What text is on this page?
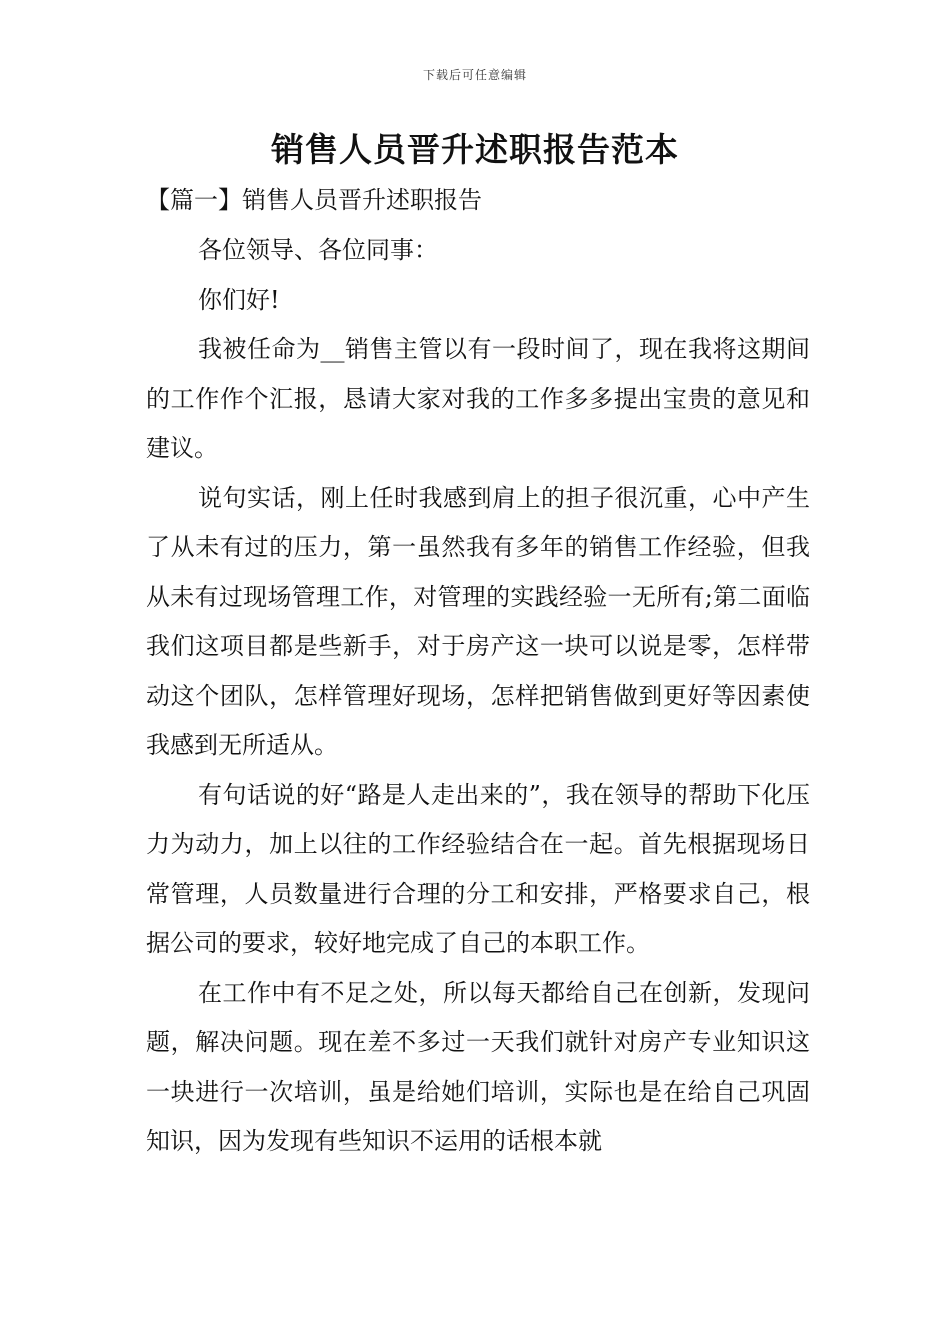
下载后可任意编辑
销售人员晋升述职报告范本
【篇一】销售人员晋升述职报告

各位领导、各位同事：

你们好!

我被任命为__销售主管以有一段时间了，现在我将这期间的工作作个汇报，恳请大家对我的工作多多提出宝贵的意见和建议。

说句实话，刚上任时我感到肩上的担子很沉重，心中产生了从未有过的压力，第一虽然我有多年的销售工作经验，但我从未有过现场管理工作，对管理的实践经验一无所有;第二面临我们这项目都是些新手，对于房产这一块可以说是零，怎样带动这个团队，怎样管理好现场，怎样把销售做到更好等因素使我感到无所适从。

有句话说的好“路是人走出来的”，我在领导的帮助下化压力为动力，加上以往的工作经验结合在一起。首先根据现场日常管理，人员数量进行合理的分工和安排，严格要求自己，根据公司的要求，较好地完成了自己的本职工作。

在工作中有不足之处，所以每天都给自己在创新，发现问题，解决问题。现在差不多过一天我们就针对房产专业知识这一块进行一次培训，虽是给她们培训，实际也是在给自己巩固知识，因为发现有些知识不运用的话根本就
